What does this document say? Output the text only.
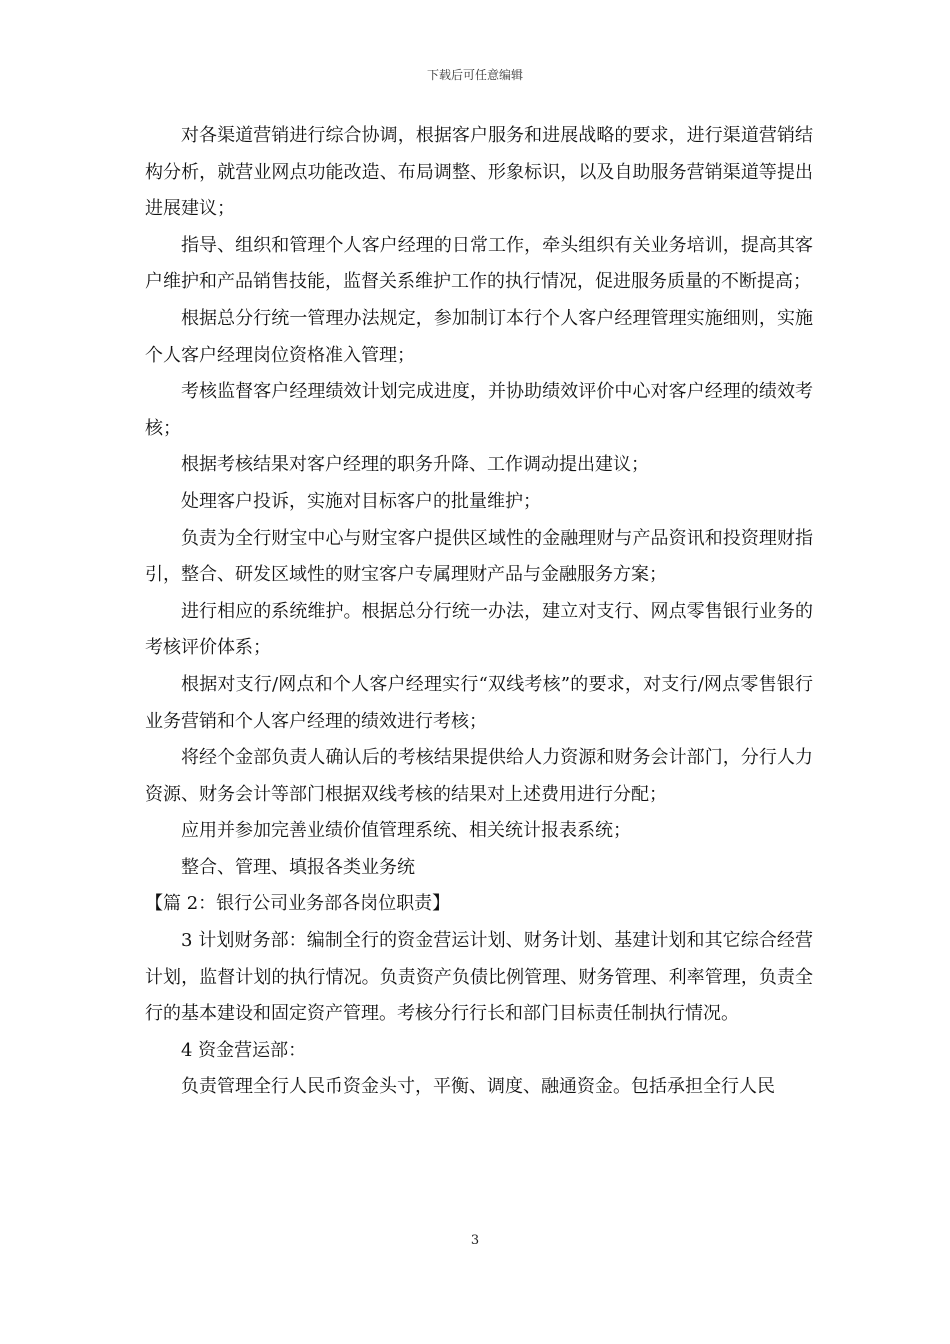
下载后可任意编辑

对各渠道营销进行综合协调，根据客户服务和进展战略的要求，进行渠道营销结构分析，就营业网点功能改造、布局调整、形象标识，以及自助服务营销渠道等提出进展建议；

指导、组织和管理个人客户经理的日常工作，牵头组织有关业务培训，提高其客户维护和产品销售技能，监督关系维护工作的执行情况，促进服务质量的不断提高；

根据总分行统一管理办法规定，参加制订本行个人客户经理管理实施细则，实施个人客户经理岗位资格准入管理；

考核监督客户经理绩效计划完成进度，并协助绩效评价中心对客户经理的绩效考核；

根据考核结果对客户经理的职务升降、工作调动提出建议；

处理客户投诉，实施对目标客户的批量维护；

负责为全行财宝中心与财宝客户提供区域性的金融理财与产品资讯和投资理财指引，整合、研发区域性的财宝客户专属理财产品与金融服务方案；

进行相应的系统维护。根据总分行统一办法，建立对支行、网点零售银行业务的考核评价体系；

根据对支行/网点和个人客户经理实行“双线考核”的要求，对支行/网点零售银行业务营销和个人客户经理的绩效进行考核；

将经个金部负责人确认后的考核结果提供给人力资源和财务会计部门，分行人力资源、财务会计等部门根据双线考核的结果对上述费用进行分配；

应用并参加完善业绩价值管理系统、相关统计报表系统；

整合、管理、填报各类业务统

【篇 2：银行公司业务部各岗位职责】

3 计划财务部：编制全行的资金营运计划、财务计划、基建计划和其它综合经营计划，监督计划的执行情况。负责资产负债比例管理、财务管理、利率管理，负责全行的基本建设和固定资产管理。考核分行行长和部门目标责任制执行情况。

4 资金营运部：

负责管理全行人民币资金头寸，平衡、调度、融通资金。包括承担全行人民

3
